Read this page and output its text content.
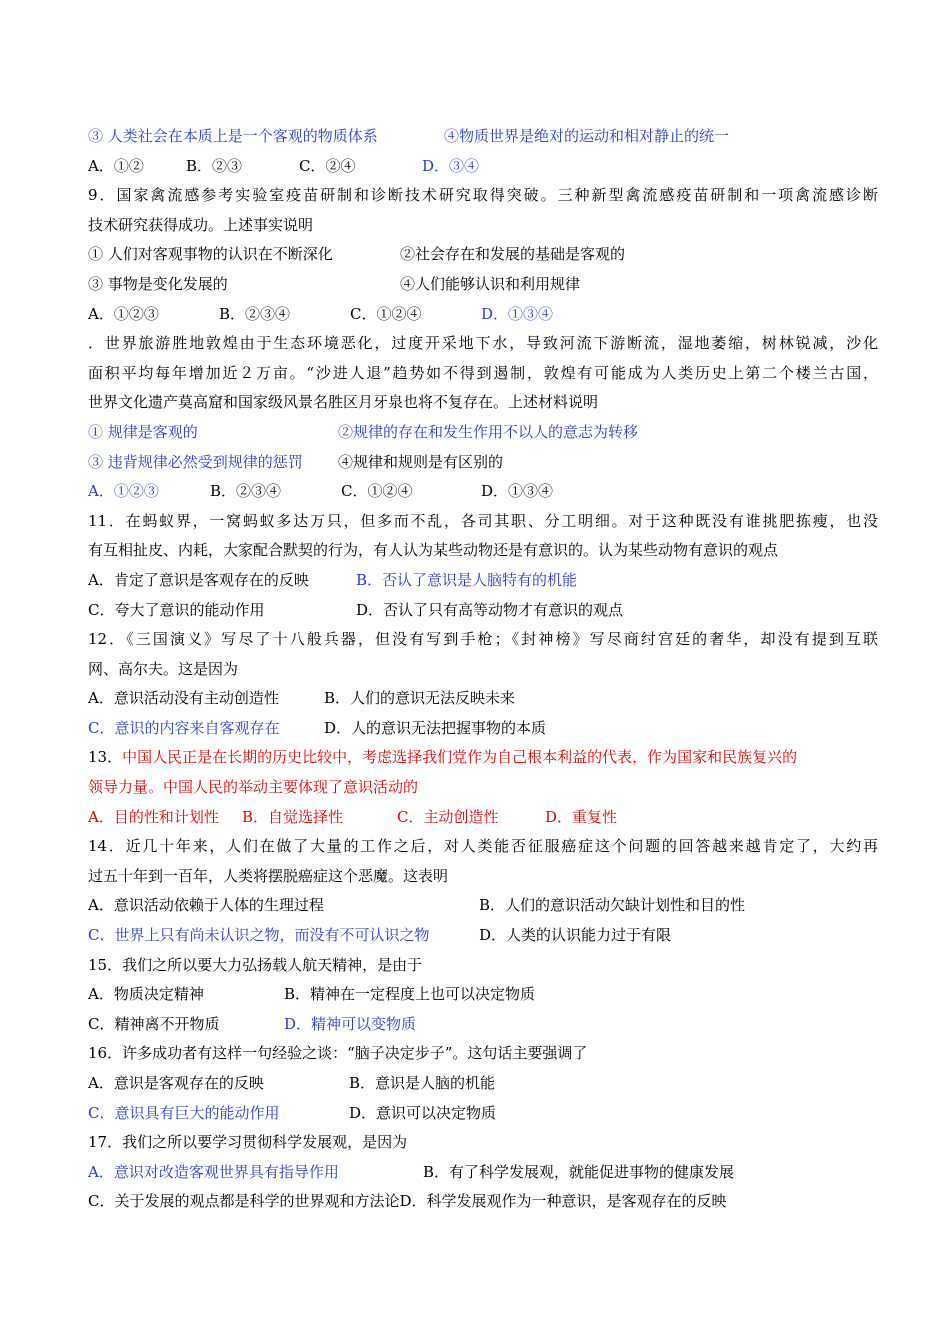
③ 人类社会在本质上是一个客观的物质体系	④物质世界是绝对的运动和相对静止的统一
A．①②	B．②③	C．②④	D．③④
9．国家禽流感参考实验室疫苗研制和诊断技术研究取得突破。三种新型禽流感疫苗研制和一项禽流感诊断
技术研究获得成功。上述事实说明
① 人们对客观事物的认识在不断深化	②社会存在和发展的基础是客观的
③ 事物是变化发展的	④人们能够认识和利用规律
A．①②③	B．②③④	C．①②④	D．①③④
．世界旅游胜地敦煌由于生态环境恶化，过度开采地下水，导致河流下游断流，湿地萎缩，树林锐减，沙化
面积平均每年增加近２万亩。“沙进人退”趋势如不得到遏制，敦煌有可能成为人类历史上第二个楼兰古国，
世界文化遗产莫高窟和国家级风景名胜区月牙泉也将不复存在。上述材料说明
① 规律是客观的	②规律的存在和发生作用不以人的意志为转移
③ 违背规律必然受到规律的惩罚 ④规律和规则是有区别的
A．①②③	B．②③④	C．①②④	D．①③④
11．在蚂蚁界，一窝蚂蚁多达万只，但多而不乱，各司其职、分工明细。对于这种既没有谁挑肥拣瘦，也没
有互相扯皮、内耗，大家配合默契的行为，有人认为某些动物还是有意识的。认为某些动物有意识的观点
A．肯定了意识是客观存在的反映	B．否认了意识是人脑特有的机能
C．夸大了意识的能动作用	D．否认了只有高等动物才有意识的观点
12．《三国演义》写尽了十八般兵器，但没有写到手枪；《封神榜》写尽商纣宫廷的奢华，却没有提到互联
网、高尔夫。这是因为
A．意识活动没有主动创造性	B．人们的意识无法反映未来
C．意识的内容来自客观存在	D．人的意识无法把握事物的本质
13．中国人民正是在长期的历史比较中，考虑选择我们党作为自己根本利益的代表，作为国家和民族复兴的
领导力量。中国人民的举动主要体现了意识活动的
A．目的性和计划性 B．自觉选择性	C．主动创造性	D．重复性
14．近几十年来，人们在做了大量的工作之后，对人类能否征服癌症这个问题的回答越来越肯定了，大约再
过五十年到一百年，人类将摆脱癌症这个恶魔。这表明
A．意识活动依赖于人体的生理过程	B．人们的意识活动欠缺计划性和目的性
C．世界上只有尚未认识之物，而没有不可认识之物	D．人类的认识能力过于有限
15．我们之所以要大力弘扬载人航天精神，是由于
A．物质决定精神	B．精神在一定程度上也可以决定物质
C．精神离不开物质	D．精神可以变物质
16．许多成功者有这样一句经验之谈：“脑子决定步子”。这句话主要强调了
A．意识是客观存在的反映	B．意识是人脑的机能
C．意识具有巨大的能动作用	D．意识可以决定物质
17．我们之所以要学习贯彻科学发展观，是因为
A．意识对改造客观世界具有指导作用	B．有了科学发展观，就能促进事物的健康发展
C．关于发展的观点都是科学的世界观和方法论D．科学发展观作为一种意识，是客观存在的反映
